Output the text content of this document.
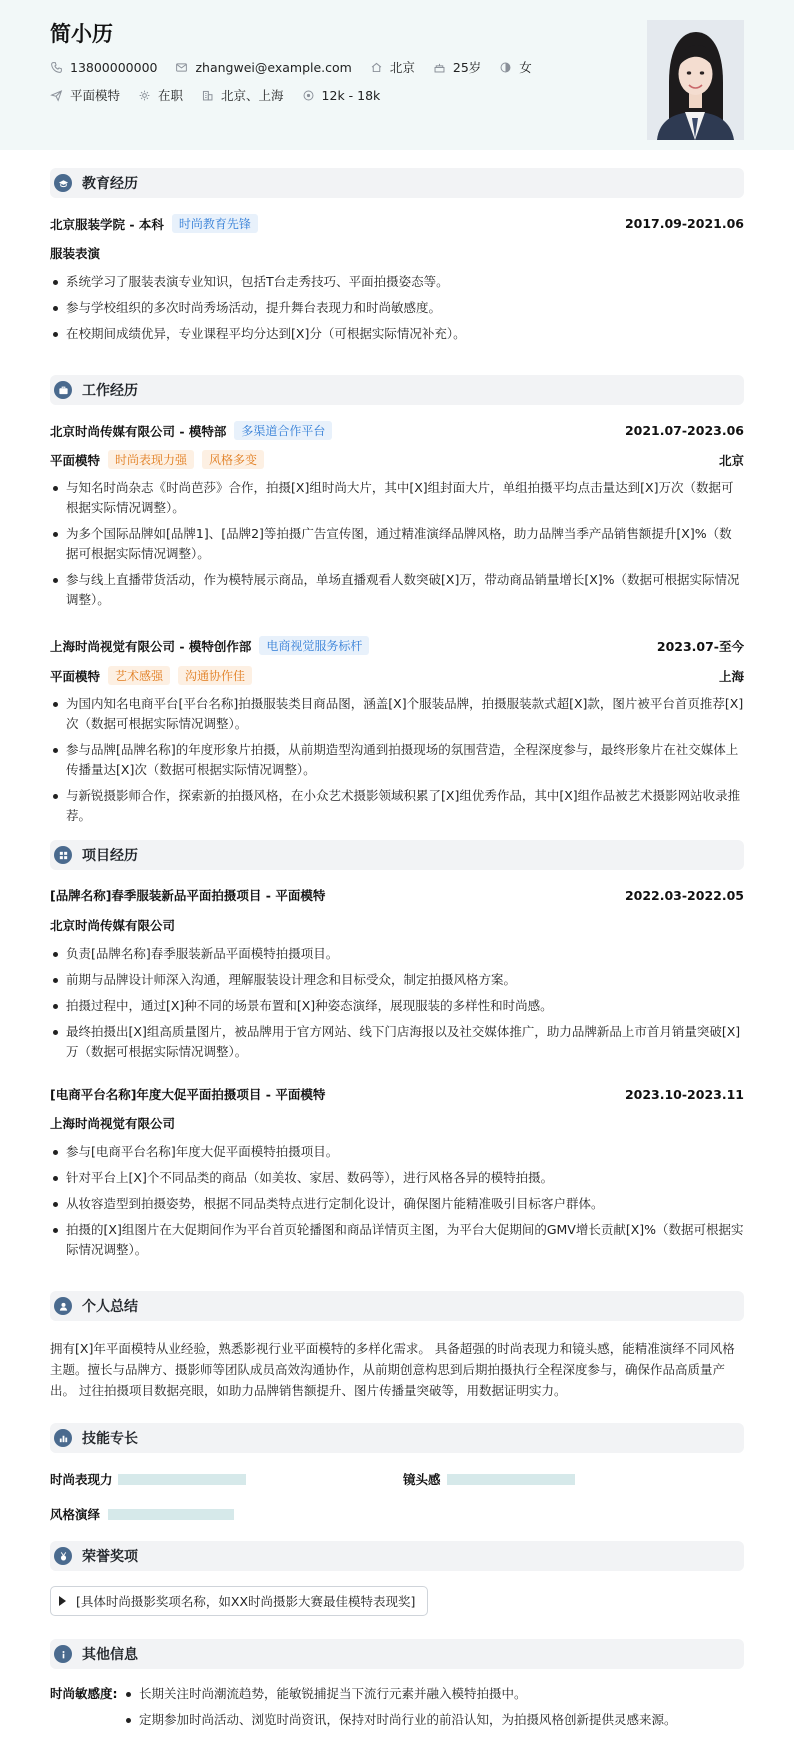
简小历
13800000000	zhangwei@example.com	北京	25岁	女
平面模特	在职	北京、上海	12k - 18k
教育经历
北京服装学院 - 本科	时尚教育先锋	2017.09-2021.06
服装表演
系统学习了服装表演专业知识，包括T台走秀技巧、平面拍摄姿态等。
参与学校组织的多次时尚秀场活动，提升舞台表现力和时尚敏感度。
在校期间成绩优异，专业课程平均分达到[X]分（可根据实际情况补充）。
工作经历
北京时尚传媒有限公司 - 模特部	多渠道合作平台	2021.07-2023.06
平面模特	时尚表现力强	风格多变	北京
与知名时尚杂志《时尚芭莎》合作，拍摄[X]组时尚大片，其中[X]组封面大片，单组拍摄平均点击量达到[X]万次（数据可根据实际情况调整）。
为多个国际品牌如[品牌1]、[品牌2]等拍摄广告宣传图，通过精准演绎品牌风格，助力品牌当季产品销售额提升[X]%（数据可根据实际情况调整）。
参与线上直播带货活动，作为模特展示商品，单场直播观看人数突破[X]万，带动商品销量增长[X]%（数据可根据实际情况调整）。
上海时尚视觉有限公司 - 模特创作部	电商视觉服务标杆	2023.07-至今
平面模特	艺术感强	沟通协作佳	上海
为国内知名电商平台[平台名称]拍摄服装类目商品图，涵盖[X]个服装品牌，拍摄服装款式超[X]款，图片被平台首页推荐[X]次（数据可根据实际情况调整）。
参与品牌[品牌名称]的年度形象片拍摄，从前期造型沟通到拍摄现场的氛围营造，全程深度参与，最终形象片在社交媒体上传播量达[X]次（数据可根据实际情况调整）。
与新锐摄影师合作，探索新的拍摄风格，在小众艺术摄影领域积累了[X]组优秀作品，其中[X]组作品被艺术摄影网站收录推荐。
项目经历
[品牌名称]春季服装新品平面拍摄项目 - 平面模特	2022.03-2022.05
北京时尚传媒有限公司
负责[品牌名称]春季服装新品平面模特拍摄项目。
前期与品牌设计师深入沟通，理解服装设计理念和目标受众，制定拍摄风格方案。
拍摄过程中，通过[X]种不同的场景布置和[X]种姿态演绎，展现服装的多样性和时尚感。
最终拍摄出[X]组高质量图片，被品牌用于官方网站、线下门店海报以及社交媒体推广，助力品牌新品上市首月销量突破[X]万（数据可根据实际情况调整）。
[电商平台名称]年度大促平面拍摄项目 - 平面模特	2023.10-2023.11
上海时尚视觉有限公司
参与[电商平台名称]年度大促平面模特拍摄项目。
针对平台上[X]个不同品类的商品（如美妆、家居、数码等），进行风格各异的模特拍摄。
从妆容造型到拍摄姿势，根据不同品类特点进行定制化设计，确保图片能精准吸引目标客户群体。
拍摄的[X]组图片在大促期间作为平台首页轮播图和商品详情页主图，为平台大促期间的GMV增长贡献[X]%（数据可根据实际情况调整）。
个人总结
拥有[X]年平面模特从业经验，熟悉影视行业平面模特的多样化需求。 具备超强的时尚表现力和镜头感，能精准演绎不同风格主题。擅长与品牌方、摄影师等团队成员高效沟通协作，从前期创意构思到后期拍摄执行全程深度参与，确保作品高质量产出。 过往拍摄项目数据亮眼，如助力品牌销售额提升、图片传播量突破等，用数据证明实力。
技能专长
时尚表现力	镜头感
风格演绎
荣誉奖项
[具体时尚摄影奖项名称，如XX时尚摄影大赛最佳模特表现奖]
其他信息
时尚敏感度:	长期关注时尚潮流趋势，能敏锐捕捉当下流行元素并融入模特拍摄中。
定期参加时尚活动、浏览时尚资讯，保持对时尚行业的前沿认知，为拍摄风格创新提供灵感来源。
